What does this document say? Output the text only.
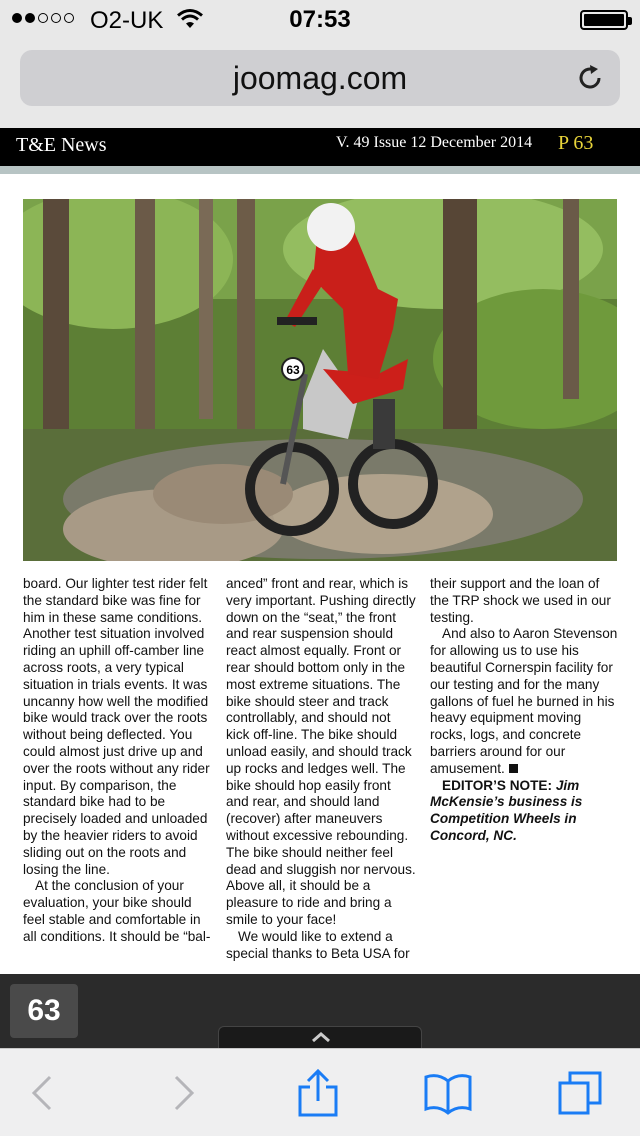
O2-UK	07:53
joomag.com
T&E News	V. 49 Issue 12 December 2014 P 63
63

board. Our lighter test rider felt the standard bike was fine for him in these same conditions. Another test situation involved riding an uphill off-camber line across roots, a very typical situation in trials events. It was uncanny how well the modified bike would track over the roots without being deflected. You could almost just drive up and over the roots without any rider input. By comparison, the standard bike had to be precisely loaded and unloaded by the heavier riders to avoid sliding out on the roots and losing the line.

At the conclusion of your evaluation, your bike should feel stable and comfortable in all conditions. It should be “bal-

anced” front and rear, which is very important. Pushing directly down on the “seat,” the front and rear suspension should react almost equally. Front or rear should bottom only in the most extreme situations. The bike should steer and track controllably, and should not kick off-line. The bike should unload easily, and should track up rocks and ledges well. The bike should hop easily front and rear, and should land (recover) after maneuvers without excessive rebounding. The bike should neither feel dead and sluggish nor nervous. Above all, it should be a pleasure to ride and bring a smile to your face!

We would like to extend a special thanks to Beta USA for

their support and the loan of the TRP shock we used in our testing.

And also to Aaron Stevenson for allowing us to use his beautiful Cornerspin facility for our testing and for the many gallons of fuel he burned in his heavy equipment moving rocks, logs, and concrete barriers around for our amusement.

EDITOR’S NOTE: Jim McKensie’s business is Competition Wheels in Concord, NC.

63
